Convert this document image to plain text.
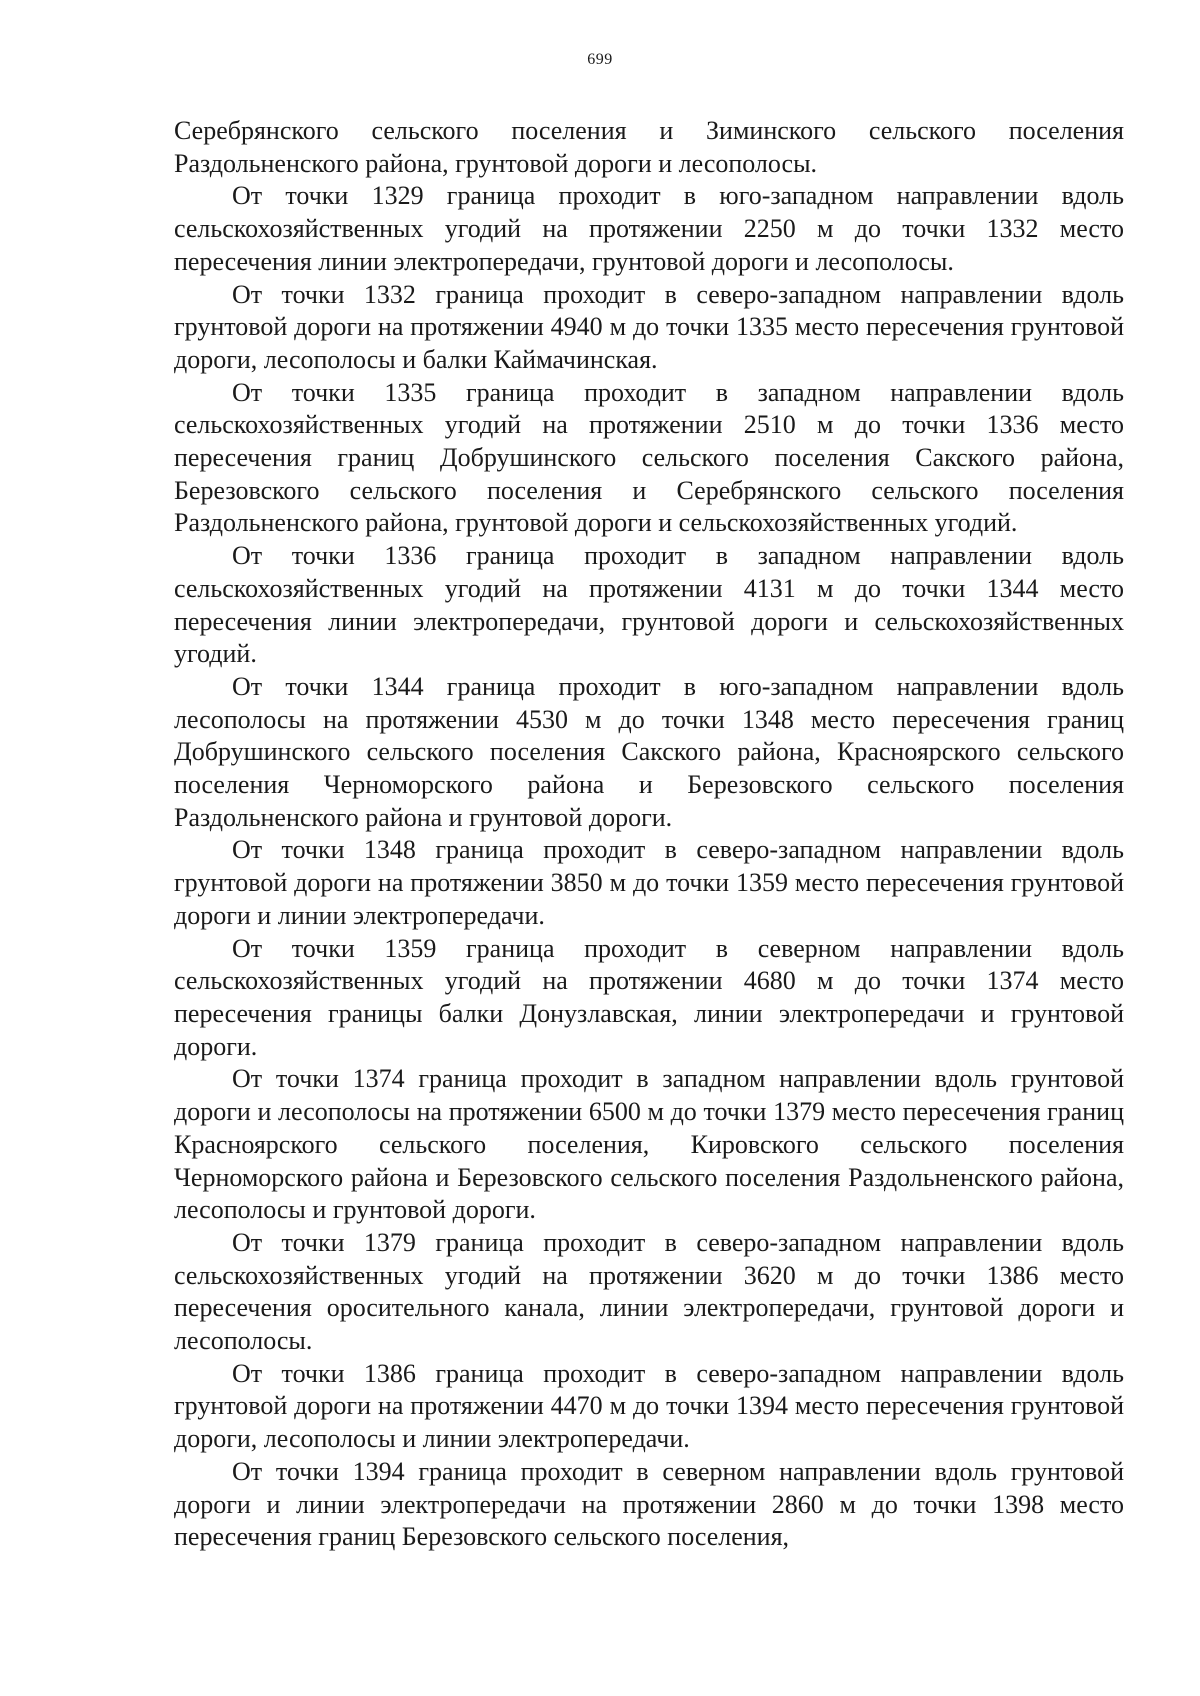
699

Серебрянского сельского поселения и Зиминского сельского поселения Раздольненского района, грунтовой дороги и лесополосы.

От точки 1329 граница проходит в юго-западном направлении вдоль сельскохозяйственных угодий на протяжении 2250 м до точки 1332 место пересечения линии электропередачи, грунтовой дороги и лесополосы.

От точки 1332 граница проходит в северо-западном направлении вдоль грунтовой дороги на протяжении 4940 м до точки 1335 место пересечения грунтовой дороги, лесополосы и балки Каймачинская.

От точки 1335 граница проходит в западном направлении вдоль сельскохозяйственных угодий на протяжении 2510 м до точки 1336 место пересечения границ Добрушинского сельского поселения Сакского района, Березовского сельского поселения и Серебрянского сельского поселения Раздольненского района, грунтовой дороги и сельскохозяйственных угодий.

От точки 1336 граница проходит в западном направлении вдоль сельскохозяйственных угодий на протяжении 4131 м до точки 1344 место пересечения линии электропередачи, грунтовой дороги и сельскохозяйственных угодий.

От точки 1344 граница проходит в юго-западном направлении вдоль лесополосы на протяжении 4530 м до точки 1348 место пересечения границ Добрушинского сельского поселения Сакского района, Красноярского сельского поселения Черноморского района и Березовского сельского поселения Раздольненского района и грунтовой дороги.

От точки 1348 граница проходит в северо-западном направлении вдоль грунтовой дороги на протяжении 3850 м до точки 1359 место пересечения грунтовой дороги и линии электропередачи.

От точки 1359 граница проходит в северном направлении вдоль сельскохозяйственных угодий на протяжении 4680 м до точки 1374 место пересечения границы балки Донузлавская, линии электропередачи и грунтовой дороги.

От точки 1374 граница проходит в западном направлении вдоль грунтовой дороги и лесополосы на протяжении 6500 м до точки 1379 место пересечения границ Красноярского сельского поселения, Кировского сельского поселения Черноморского района и Березовского сельского поселения Раздольненского района, лесополосы и грунтовой дороги.

От точки 1379 граница проходит в северо-западном направлении вдоль сельскохозяйственных угодий на протяжении 3620 м до точки 1386 место пересечения оросительного канала, линии электропередачи, грунтовой дороги и лесополосы.

От точки 1386 граница проходит в северо-западном направлении вдоль грунтовой дороги на протяжении 4470 м до точки 1394 место пересечения грунтовой дороги, лесополосы и линии электропередачи.

От точки 1394 граница проходит в северном направлении вдоль грунтовой дороги и линии электропередачи на протяжении 2860 м до точки 1398 место пересечения границ Березовского сельского поселения,
